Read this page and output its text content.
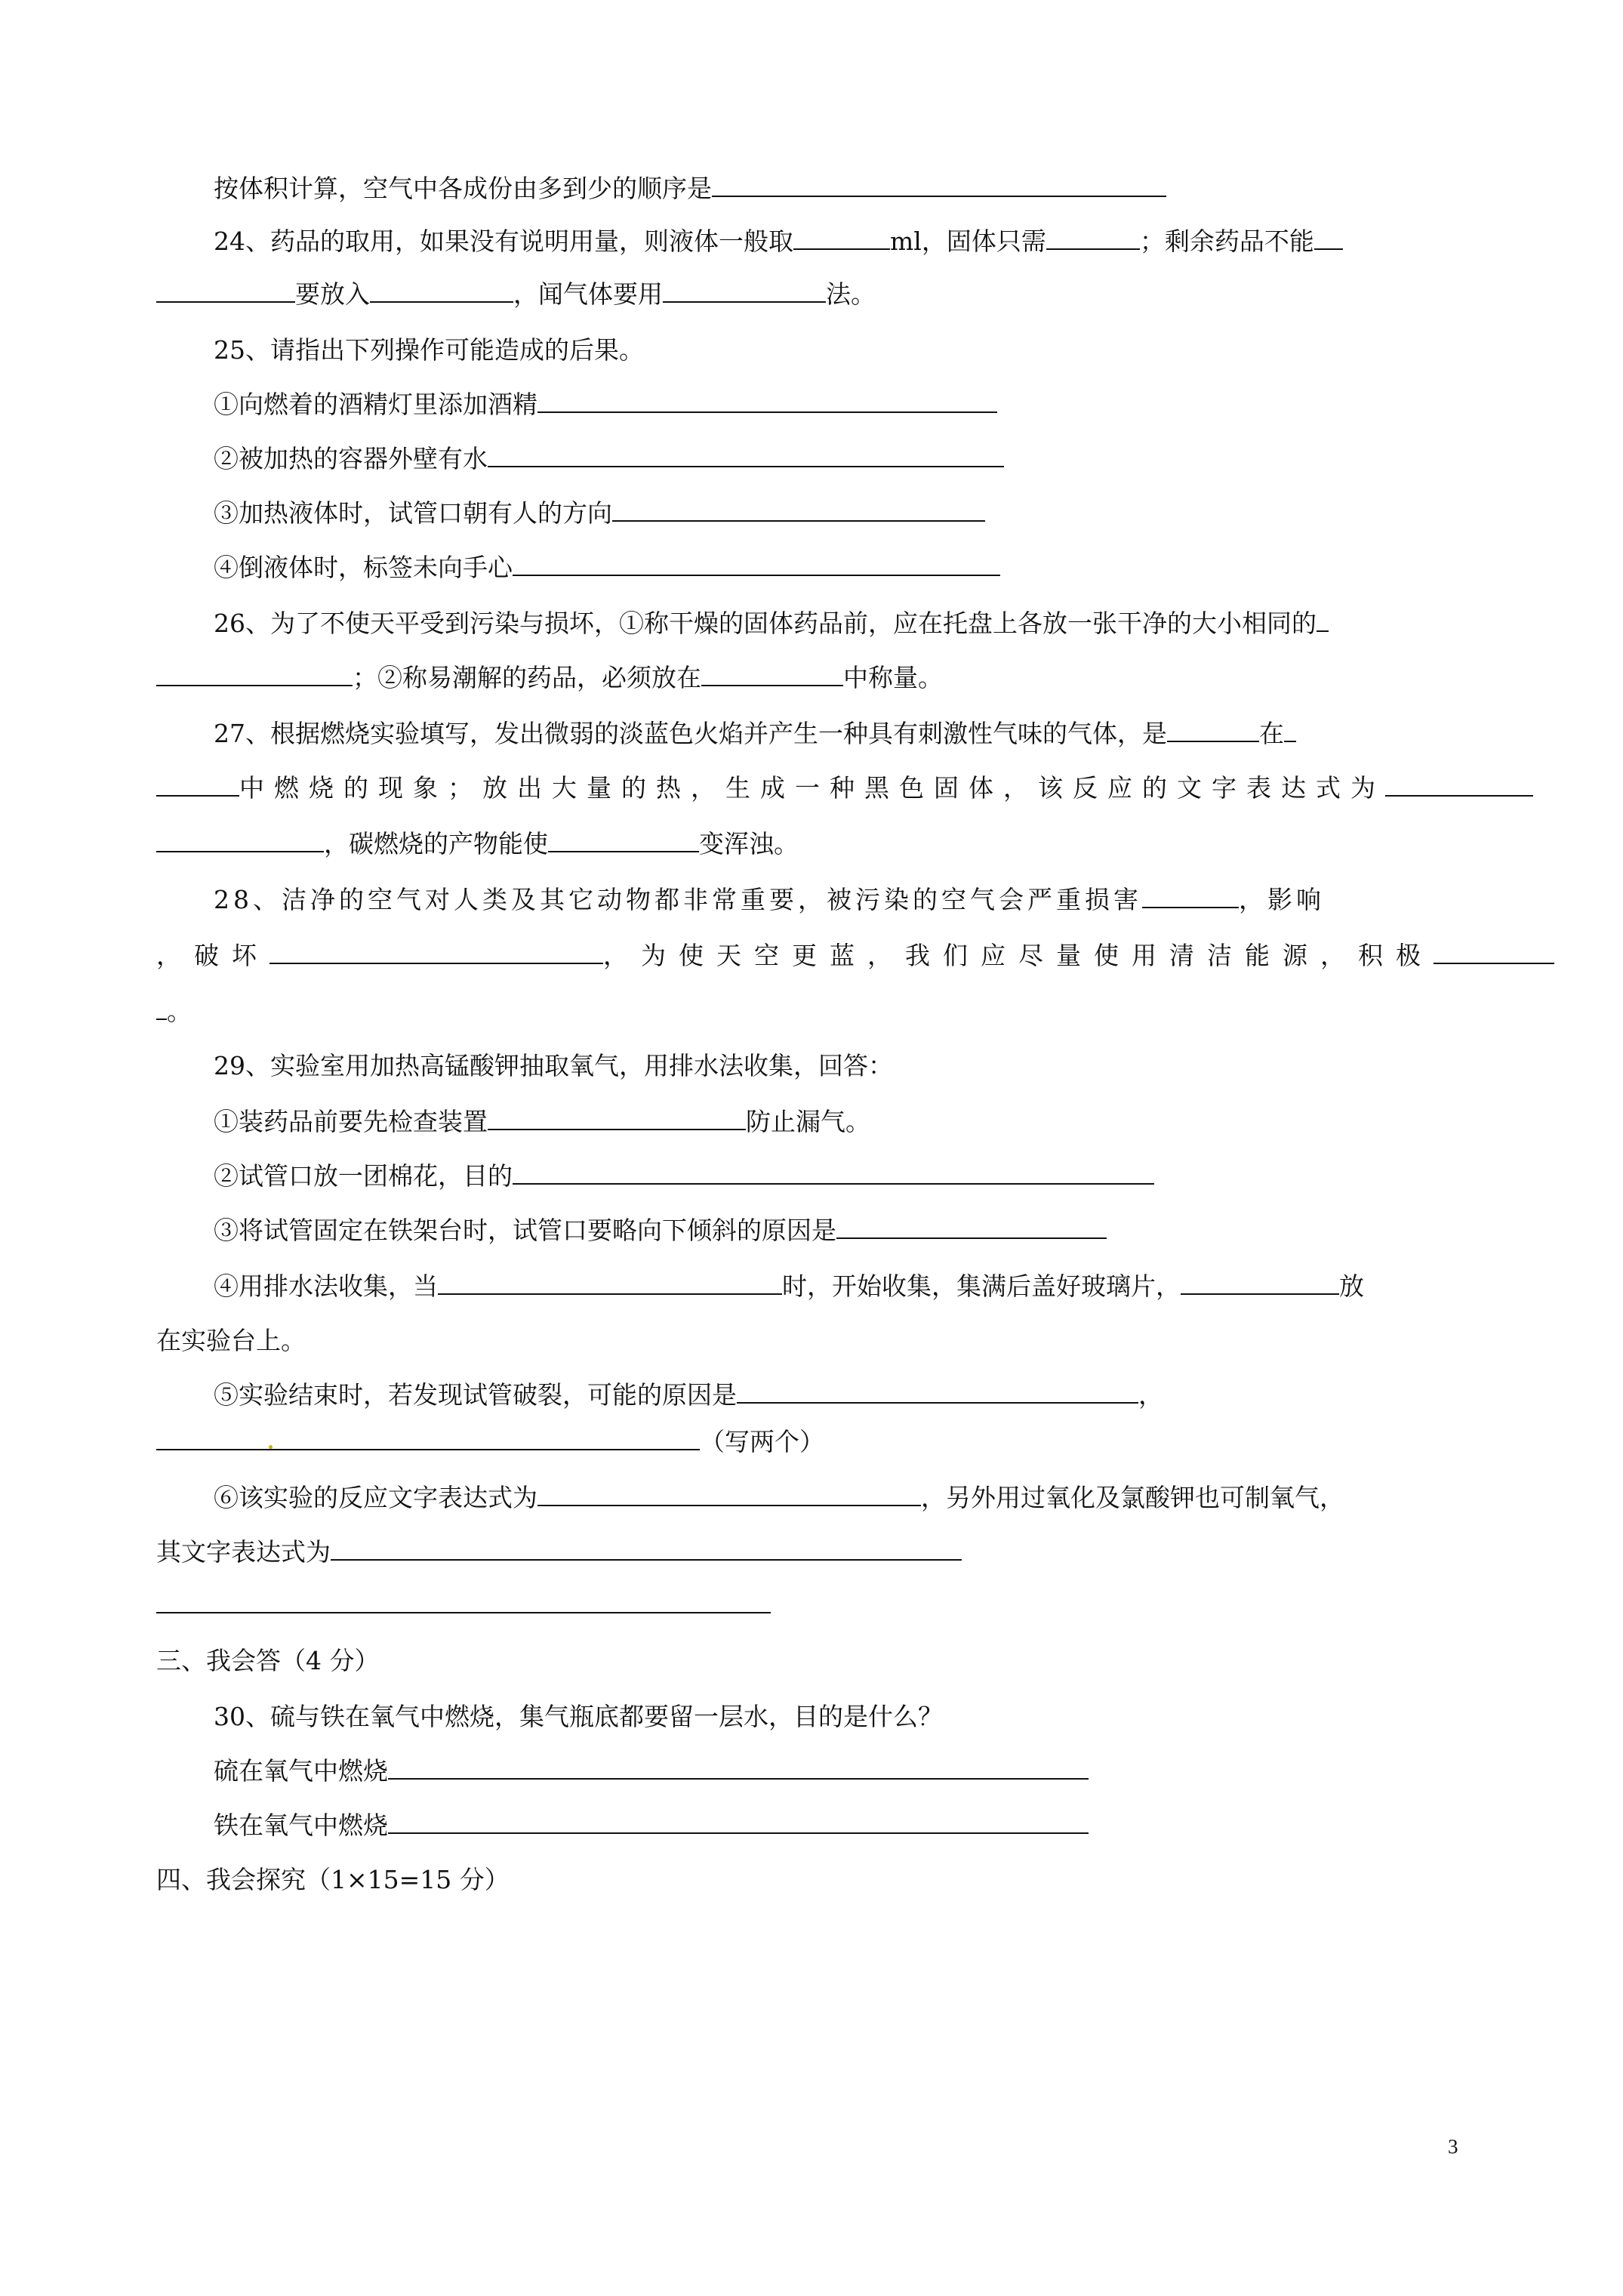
按体积计算，空气中各成份由多到少的顺序是
24、药品的取用，如果没有说明用量，则液体一般取	ml，固体只需	；剩余药品不能
要放入	，闻气体要用	法。
25、请指出下列操作可能造成的后果。
①向燃着的酒精灯里添加酒精
②被加热的容器外壁有水
③加热液体时，试管口朝有人的方向
④倒液体时，标签未向手心
26、为了不使天平受到污染与损坏，①称干燥的固体药品前，应在托盘上各放一张干净的大小相同的
；②称易潮解的药品，必须放在	中称量。
27、根据燃烧实验填写，发出微弱的淡蓝色火焰并产生一种具有刺激性气味的气体，是	在
中燃烧的现象；放出大量的热，生成一种黑色固体，该反应的文字表达式为
，碳燃烧的产物能使	变浑浊。
28、洁净的空气对人类及其它动物都非常重要，被污染的空气会严重损害	，影响
，破坏	，为使天空更蓝，我们应尽量使用清洁能源，积极
。
29、实验室用加热高锰酸钾抽取氧气，用排水法收集，回答：
①装药品前要先检查装置	防止漏气。
②试管口放一团棉花，目的
③将试管固定在铁架台时，试管口要略向下倾斜的原因是
④用排水法收集，当	时，开始收集，集满后盖好玻璃片，	放
在实验台上。
⑤实验结束时，若发现试管破裂，可能的原因是	，
（写两个）
⑥该实验的反应文字表达式为	，另外用过氧化及氯酸钾也可制氧气，
其文字表达式为
三、我会答（4 分）
30、硫与铁在氧气中燃烧，集气瓶底都要留一层水，目的是什么？
硫在氧气中燃烧
铁在氧气中燃烧
四、我会探究（1×15=15 分）
3
